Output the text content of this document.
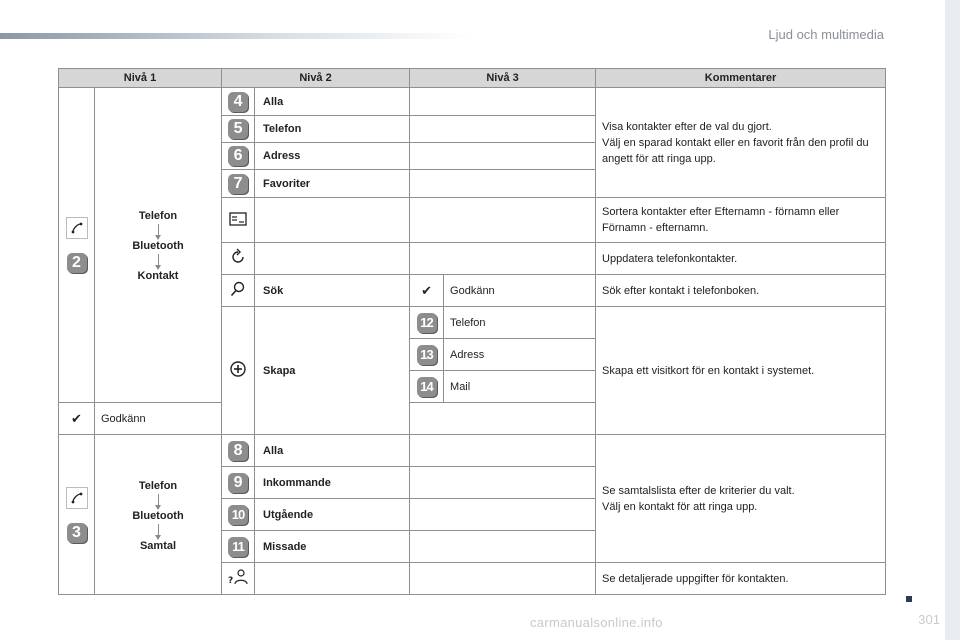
Ljud och multimedia
301
carmanualsonline.info
Nivå 1		Nivå 2		Nivå 3		Kommentarer

2	Telefon
Bluetooth
Kontakt	4	Alla			Visa kontakter efter de val du gjort.
Välj en sparad kontakt eller en favorit från den profil du angett för att ringa upp.

		5	Telefon			
		6	Adress			
		7	Favoriter			
			Sortera kontakter efter Efternamn - förnamn eller Förnamn - efternamn.
			Uppdatera telefonkontakter.
	Sök	✔	Godkänn	Sök efter kontakt i telefonboken.
	Skapa	12	Telefon	Skapa ett visitkort för en kontakt i systemet.
				13	Adress	
				14	Mail	
✔	Godkänn					

3	Telefon
Bluetooth
Samtal	8	Alla			Se samtalslista efter de kriterier du valt.
Välj en kontakt för att ringa upp.

		9	Inkommande			
		10	Utgående			
		11	Missade			

?				Se detaljerade uppgifter för kontakten.
